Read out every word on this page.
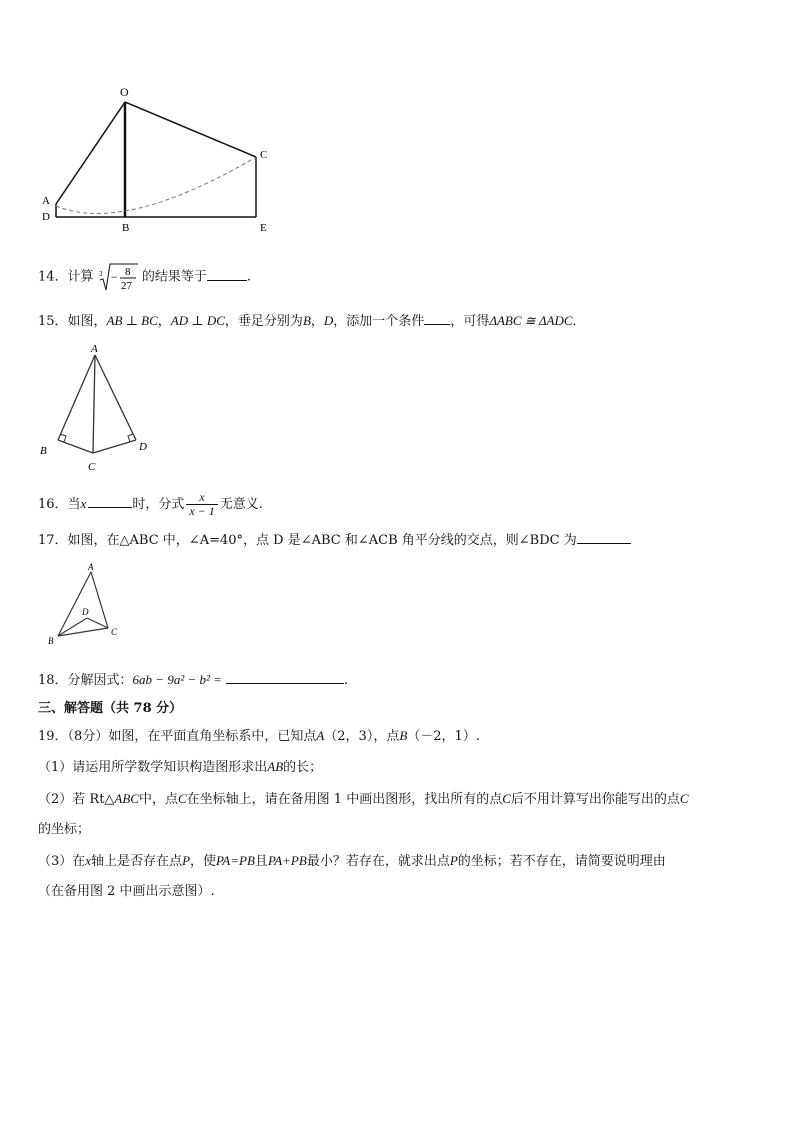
O
C
A
D
B	E
14．计算 3 − 8
27
的结果等于	.
15．如图，AB ⊥ BC，AD ⊥ DC，垂足分别为B，D，添加一个条件 ，可得ΔABC ≅ ΔADC．
A
B
C
D
16．当x	时，分式 $\frac{x}{x - 1}$ 无意义.
17．如图，在△ABC 中，∠A=40°，点 D 是∠ABC 和∠ACB 角平分线的交点，则∠BDC 为
A
B
C
D
18．分解因式：6ab − 9a² − b² =	.
三、解答题（共 78 分）
19．（8分）如图，在平面直角坐标系中，已知点A（2，3），点B（－2，1）.
（1）请运用所学数学知识构造图形求出AB的长；
（2）若 Rt△ABC中，点C在坐标轴上，请在备用图 1 中画出图形，找出所有的点C后不用计算写出你能写出的点C
的坐标；
（3）在x轴上是否存在点P，使PA=PB且PA+PB最小？若存在，就求出点P的坐标；若不存在，请简要说明理由
（在备用图 2 中画出示意图）.
